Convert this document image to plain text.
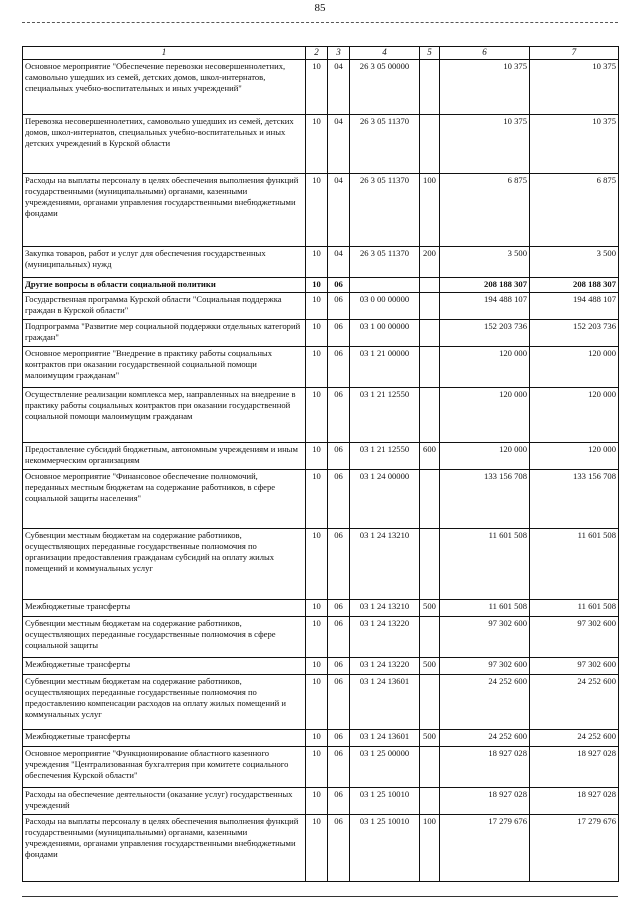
85
1	2	3	4	5	6	7
Основное мероприятие "Обеспечение перевозки несовершеннолетних, самовольно ушедших из семей, детских домов, школ-интернатов, специальных учебно-воспитательных и иных учреждений"	10	04	26 3 05 00000		10 375	10 375
Перевозка несовершеннолетних, самовольно ушедших из семей, детских домов, школ-интернатов, специальных учебно-воспитательных и иных детских учреждений в Курской области	10	04	26 3 05 11370		10 375	10 375
Расходы на выплаты персоналу в целях обеспечения выполнения функций государственными (муниципальными) органами, казенными учреждениями, органами управления государственными внебюджетными фондами	10	04	26 3 05 11370	100	6 875	6 875
Закупка товаров, работ и услуг для обеспечения государственных (муниципальных) нужд	10	04	26 3 05 11370	200	3 500	3 500
Другие вопросы в области социальной политики	10	06			208 188 307	208 188 307
Государственная программа Курской области "Социальная поддержка граждан в Курской области"	10	06	03 0 00 00000		194 488 107	194 488 107
Подпрограмма "Развитие мер социальной поддержки отдельных категорий граждан"	10	06	03 1 00 00000		152 203 736	152 203 736
Основное мероприятие "Внедрение в практику работы социальных контрактов при оказании государственной социальной помощи малоимущим гражданам"	10	06	03 1 21 00000		120 000	120 000
Осуществление реализации комплекса мер, направленных на внедрение в практику работы социальных контрактов при оказании государственной социальной помощи малоимущим гражданам	10	06	03 1 21 12550		120 000	120 000
Предоставление субсидий бюджетным, автономным учреждениям и иным некоммерческим организациям	10	06	03 1 21 12550	600	120 000	120 000
Основное мероприятие "Финансовое обеспечение полномочий, переданных местным бюджетам на содержание работников, в сфере социальной защиты населения"	10	06	03 1 24 00000		133 156 708	133 156 708
Субвенции местным бюджетам на содержание работников, осуществляющих переданные государственные полномочия по организации предоставления гражданам субсидий на оплату жилых помещений и коммунальных услуг	10	06	03 1 24 13210		11 601 508	11 601 508
Межбюджетные трансферты	10	06	03 1 24 13210	500	11 601 508	11 601 508
Субвенции местным бюджетам на содержание работников, осуществляющих переданные государственные полномочия в сфере социальной защиты	10	06	03 1 24 13220		97 302 600	97 302 600
Межбюджетные трансферты	10	06	03 1 24 13220	500	97 302 600	97 302 600
Субвенции местным бюджетам на содержание работников, осуществляющих переданные государственные полномочия по предоставлению компенсации расходов на оплату жилых помещений и коммунальных услуг	10	06	03 1 24 13601		24 252 600	24 252 600
Межбюджетные трансферты	10	06	03 1 24 13601	500	24 252 600	24 252 600
Основное мероприятие "Функционирование областного казенного учреждения "Централизованная бухгалтерия при комитете социального обеспечения Курской области"	10	06	03 1 25 00000		18 927 028	18 927 028
Расходы на обеспечение деятельности (оказание услуг) государственных учреждений	10	06	03 1 25 10010		18 927 028	18 927 028
Расходы на выплаты персоналу в целях обеспечения выполнения функций государственными (муниципальными) органами, казенными учреждениями, органами управления государственными внебюджетными фондами	10	06	03 1 25 10010	100	17 279 676	17 279 676
